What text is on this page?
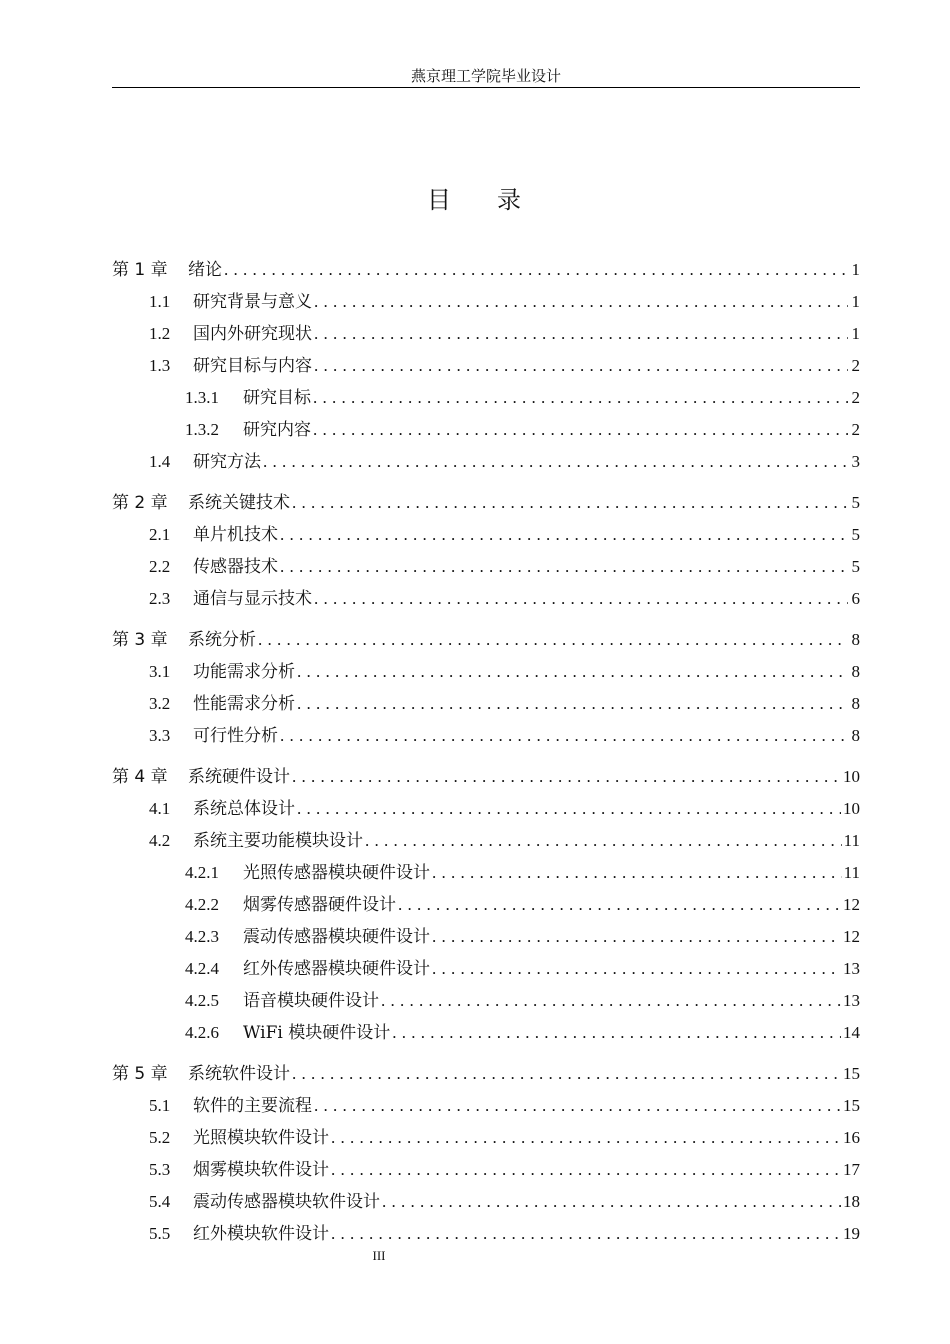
燕京理工学院毕业设计
目 录
第 1 章	绪论 . . .	1
1.1	研究背景与意义 . . .	1
1.2	国内外研究现状 . . .	1
1.3	研究目标与内容 . . .	2
1.3.1	研究目标 . . .	2
1.3.2	研究内容 . . .	2
1.4	研究方法 . . .	3
第 2 章	系统关键技术 . . .	5
2.1	单片机技术 . . .	5
2.2	传感器技术 . . .	5
2.3	通信与显示技术 . . .	6
第 3 章	系统分析 . . .	8
3.1	功能需求分析 . . .	8
3.2	性能需求分析 . . .	8
3.3	可行性分析 . . .	8
第 4 章	系统硬件设计 . . .	10
4.1	系统总体设计 . . .	10
4.2	系统主要功能模块设计 . . .	11
4.2.1	光照传感器模块硬件设计 . . .	11
4.2.2	烟雾传感器硬件设计 . . .	12
4.2.3	震动传感器模块硬件设计 . . .	12
4.2.4	红外传感器模块硬件设计 . . .	13
4.2.5	语音模块硬件设计 . . .	13
4.2.6	WiFi 模块硬件设计 . . .	14
第 5 章	系统软件设计 . . .	15
5.1	软件的主要流程 . . .	15
5.2	光照模块软件设计 . . .	16
5.3	烟雾模块软件设计 . . .	17
5.4	震动传感器模块软件设计 . . .	18
5.5	红外模块软件设计 . . .	19
III
